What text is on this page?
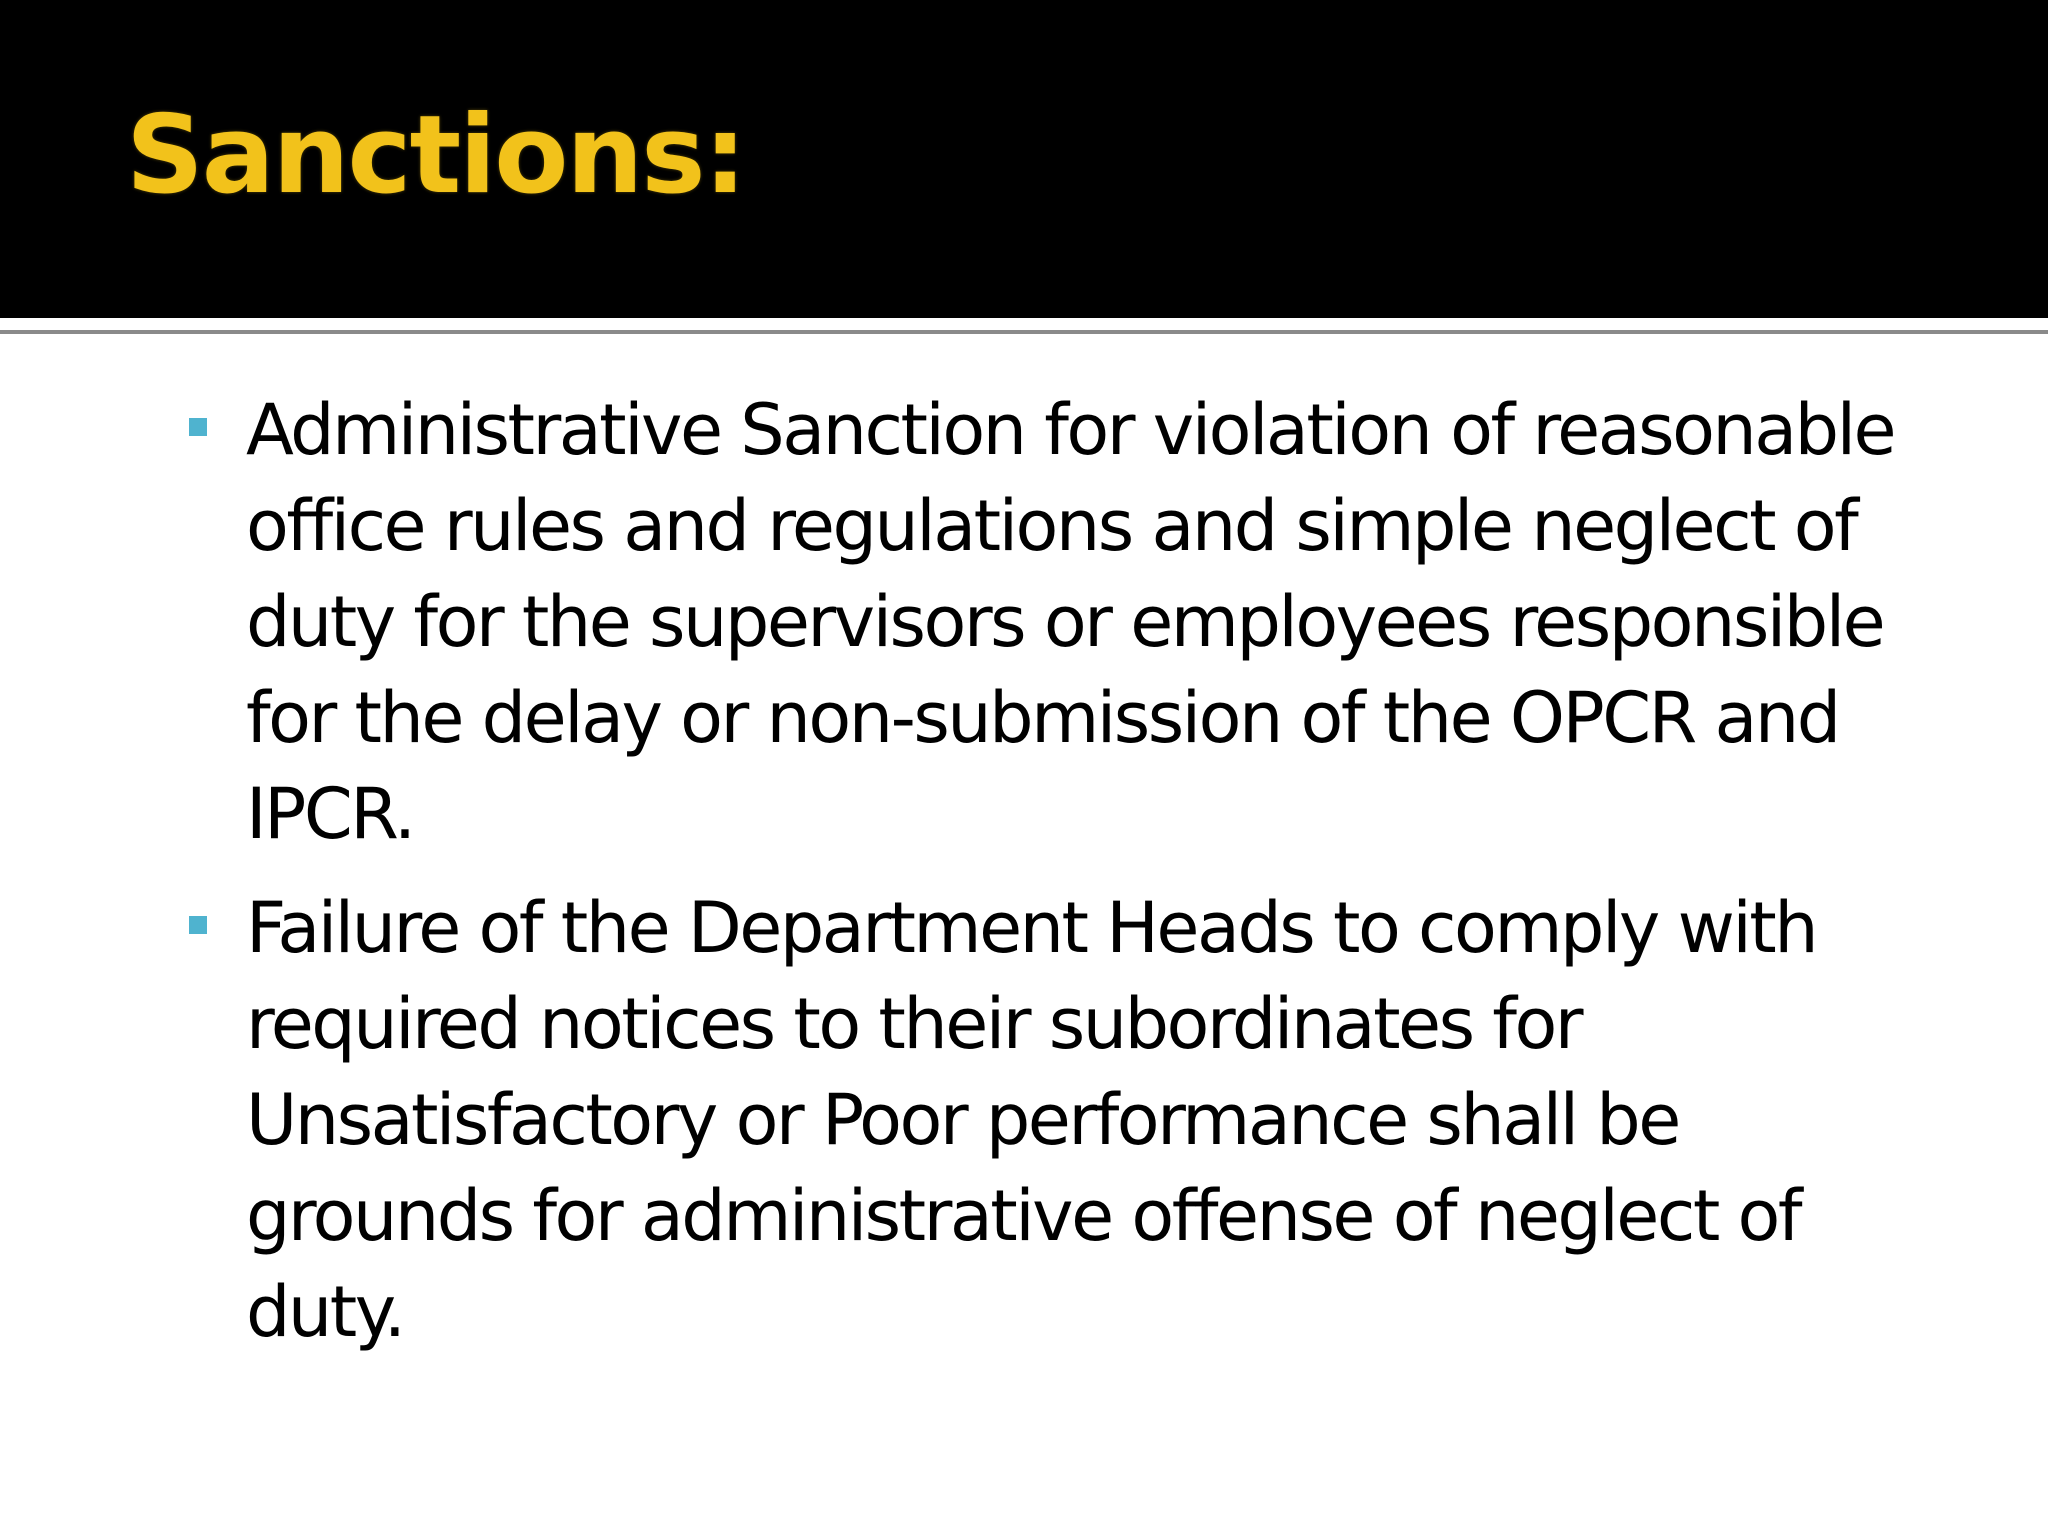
Sanctions:
Administrative Sanction for violation of reasonable office rules and regulations and simple neglect of duty for the supervisors or employees responsible for the delay or non-submission of the OPCR and IPCR.
Failure of the Department Heads to comply with required notices to their subordinates for Unsatisfactory or Poor performance shall be grounds for administrative offense of neglect of duty.
